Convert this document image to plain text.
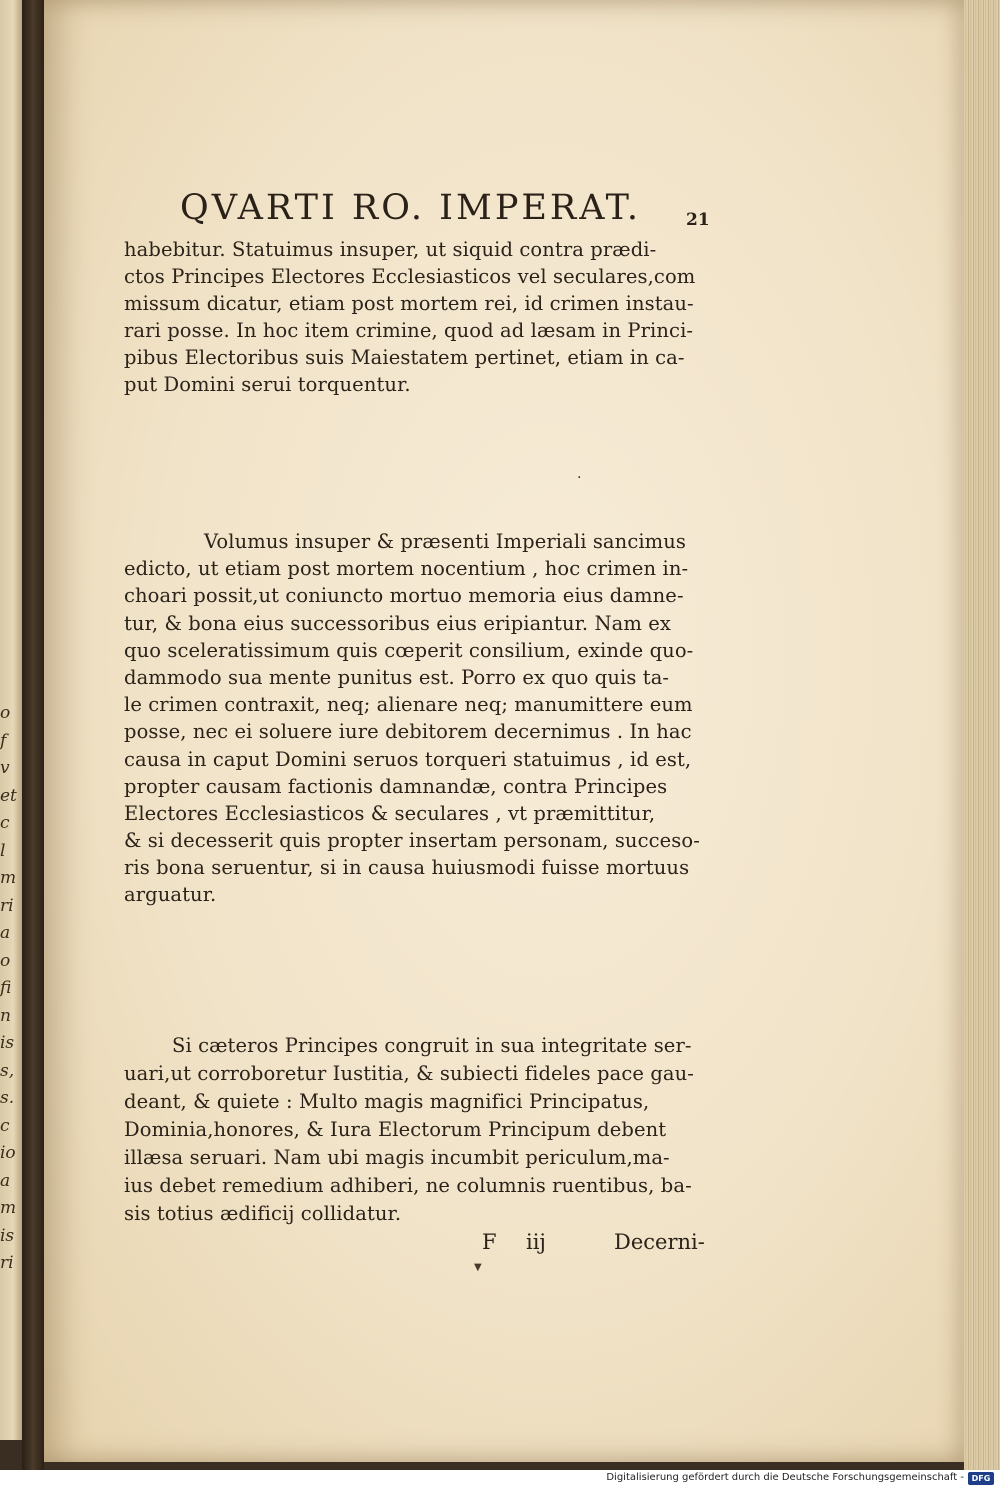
o
f
v
et
c
l
m
ri
a
o
fi
n
is
s,
s.
c
io
a
m
is
ri
QVARTI RO. IMPERAT.	21
habebitur. Statuimus insuper, ut siquid contra prædi-
ctos Principes Electores Ecclesiasticos vel seculares,com
missum dicatur, etiam post mortem rei, id crimen instau-
rari posse. In hoc item crimine, quod ad læsam in Princi-
pibus Electoribus suis Maiestatem pertinet, etiam in ca-
put Domini serui torquentur.
·
Volumus insuper & præsenti Imperiali sancimus
edicto, ut etiam post mortem nocentium , hoc crimen in-
choari possit,ut coniuncto mortuo memoria eius damne-
tur, & bona eius successoribus eius eripiantur. Nam ex
quo sceleratissimum quis cœperit consilium, exinde quo-
dammodo sua mente punitus est. Porro ex quo quis ta-
le crimen contraxit, neq; alienare neq; manumittere eum
posse, nec ei soluere iure debitorem decernimus . In hac
causa in caput Domini seruos torqueri statuimus , id est,
propter causam factionis damnandæ, contra Principes
Electores Ecclesiasticos & seculares , vt præmittitur,
& si decesserit quis propter insertam personam, succeso-
ris bona seruentur, si in causa huiusmodi fuisse mortuus
arguatur.
Si cæteros Principes congruit in sua integritate ser-
uari,ut corroboretur Iustitia, & subiecti fideles pace gau-
deant, & quiete : Multo magis magnifici Principatus,
Dominia,honores, & Iura Electorum Principum debent
illæsa seruari. Nam ubi magis incumbit periculum,ma-
ius debet remedium adhiberi, ne columnis ruentibus, ba-
sis totius ædificij collidatur.
F iij	Decerni-
▼
Digitalisierung gefördert durch die Deutsche Forschungsgemeinschaft - DFG
